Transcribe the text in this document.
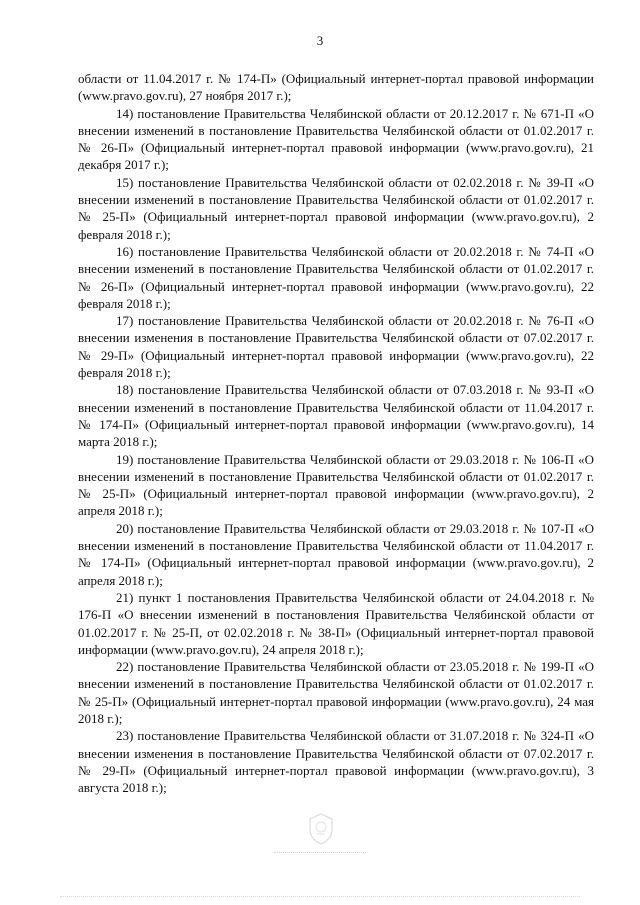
3

области от 11.04.2017 г. № 174-П» (Официальный интернет-портал правовой информации (www.pravo.gov.ru), 27 ноября 2017 г.);

14) постановление Правительства Челябинской области от 20.12.2017 г. № 671-П «О внесении изменений в постановление Правительства Челябинской области от 01.02.2017 г. № 26-П» (Официальный интернет-портал правовой информации (www.pravo.gov.ru), 21 декабря 2017 г.);

15) постановление Правительства Челябинской области от 02.02.2018 г. № 39-П «О внесении изменений в постановление Правительства Челябинской области от 01.02.2017 г. № 25-П» (Официальный интернет-портал правовой информации (www.pravo.gov.ru), 2 февраля 2018 г.);

16) постановление Правительства Челябинской области от 20.02.2018 г. № 74-П «О внесении изменений в постановление Правительства Челябинской области от 01.02.2017 г. № 26-П» (Официальный интернет-портал правовой информации (www.pravo.gov.ru), 22 февраля 2018 г.);

17) постановление Правительства Челябинской области от 20.02.2018 г. № 76-П «О внесении изменения в постановление Правительства Челябинской области от 07.02.2017 г. № 29-П» (Официальный интернет-портал правовой информации (www.pravo.gov.ru), 22 февраля 2018 г.);

18) постановление Правительства Челябинской области от 07.03.2018 г. № 93-П «О внесении изменений в постановление Правительства Челябинской области от 11.04.2017 г. № 174-П» (Официальный интернет-портал правовой информации (www.pravo.gov.ru), 14 марта 2018 г.);

19) постановление Правительства Челябинской области от 29.03.2018 г. № 106-П «О внесении изменений в постановление Правительства Челябинской области от 01.02.2017 г. № 25-П» (Официальный интернет-портал правовой информации (www.pravo.gov.ru), 2 апреля 2018 г.);

20) постановление Правительства Челябинской области от 29.03.2018 г. № 107-П «О внесении изменений в постановление Правительства Челябинской области от 11.04.2017 г. № 174-П» (Официальный интернет-портал правовой информации (www.pravo.gov.ru), 2 апреля 2018 г.);

21) пункт 1 постановления Правительства Челябинской области от 24.04.2018 г. № 176-П «О внесении изменений в постановления Правительства Челябинской области от 01.02.2017 г. № 25-П, от 02.02.2018 г. № 38-П» (Официальный интернет-портал правовой информации (www.pravo.gov.ru), 24 апреля 2018 г.);

22) постановление Правительства Челябинской области от 23.05.2018 г. № 199-П «О внесении изменений в постановление Правительства Челябинской области от 01.02.2017 г. № 25-П» (Официальный интернет-портал правовой информации (www.pravo.gov.ru), 24 мая 2018 г.);

23) постановление Правительства Челябинской области от 31.07.2018 г. № 324-П «О внесении изменения в постановление Правительства Челябинской области от 07.02.2017 г. № 29-П» (Официальный интернет-портал правовой информации (www.pravo.gov.ru), 3 августа 2018 г.);
